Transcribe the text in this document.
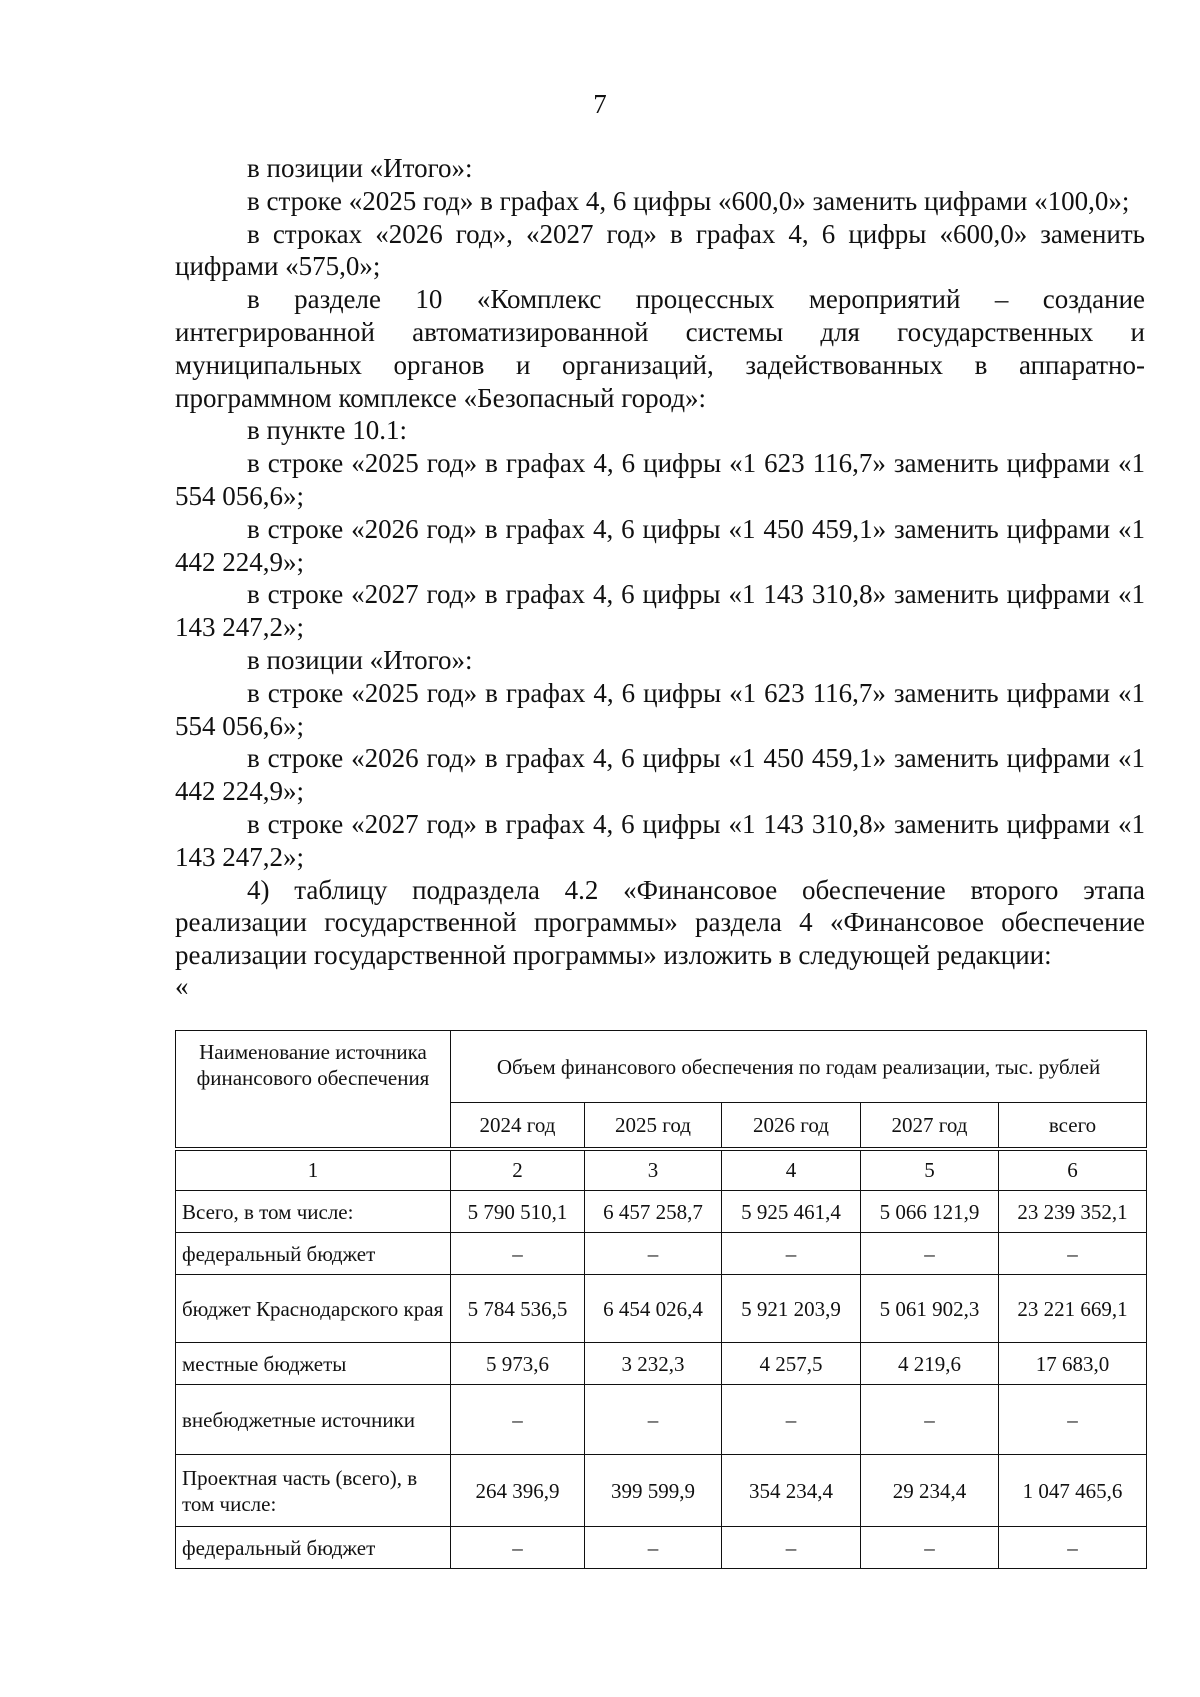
7

в позиции «Итого»:

в строке «2025 год» в графах 4, 6 цифры «600,0» заменить цифрами «100,0»;

в строках «2026 год», «2027 год» в графах 4, 6 цифры «600,0» заменить цифрами «575,0»;

в разделе 10 «Комплекс процессных мероприятий – создание интегрированной автоматизированной системы для государственных и муниципальных органов и организаций, задействованных в аппаратно-программном комплексе «Безопасный город»:

в пункте 10.1:

в строке «2025 год» в графах 4, 6 цифры «1 623 116,7» заменить цифрами «1 554 056,6»;

в строке «2026 год» в графах 4, 6 цифры «1 450 459,1» заменить цифрами «1 442 224,9»;

в строке «2027 год» в графах 4, 6 цифры «1 143 310,8» заменить цифрами «1 143 247,2»;

в позиции «Итого»:

в строке «2025 год» в графах 4, 6 цифры «1 623 116,7» заменить цифрами «1 554 056,6»;

в строке «2026 год» в графах 4, 6 цифры «1 450 459,1» заменить цифрами «1 442 224,9»;

в строке «2027 год» в графах 4, 6 цифры «1 143 310,8» заменить цифрами «1 143 247,2»;

4) таблицу подраздела 4.2 «Финансовое обеспечение второго этапа реализации государственной программы» раздела 4 «Финансовое обеспечение реализации государственной программы» изложить в следующей редакции:

«

Наименование источника финансового обеспечения	Объем финансового обеспечения по годам реализации, тыс. рублей				
	2024 год	2025 год	2026 год	2027 год	всего
1	2	3	4	5	6
Всего, в том числе:	5 790 510,1	6 457 258,7	5 925 461,4	5 066 121,9	23 239 352,1
федеральный бюджет	–	–	–	–	–
бюджет Краснодарского края	5 784 536,5	6 454 026,4	5 921 203,9	5 061 902,3	23 221 669,1
местные бюджеты	5 973,6	3 232,3	4 257,5	4 219,6	17 683,0
внебюджетные источники	–	–	–	–	–
Проектная часть (всего), в том числе:	264 396,9	399 599,9	354 234,4	29 234,4	1 047 465,6
федеральный бюджет	–	–	–	–	–
